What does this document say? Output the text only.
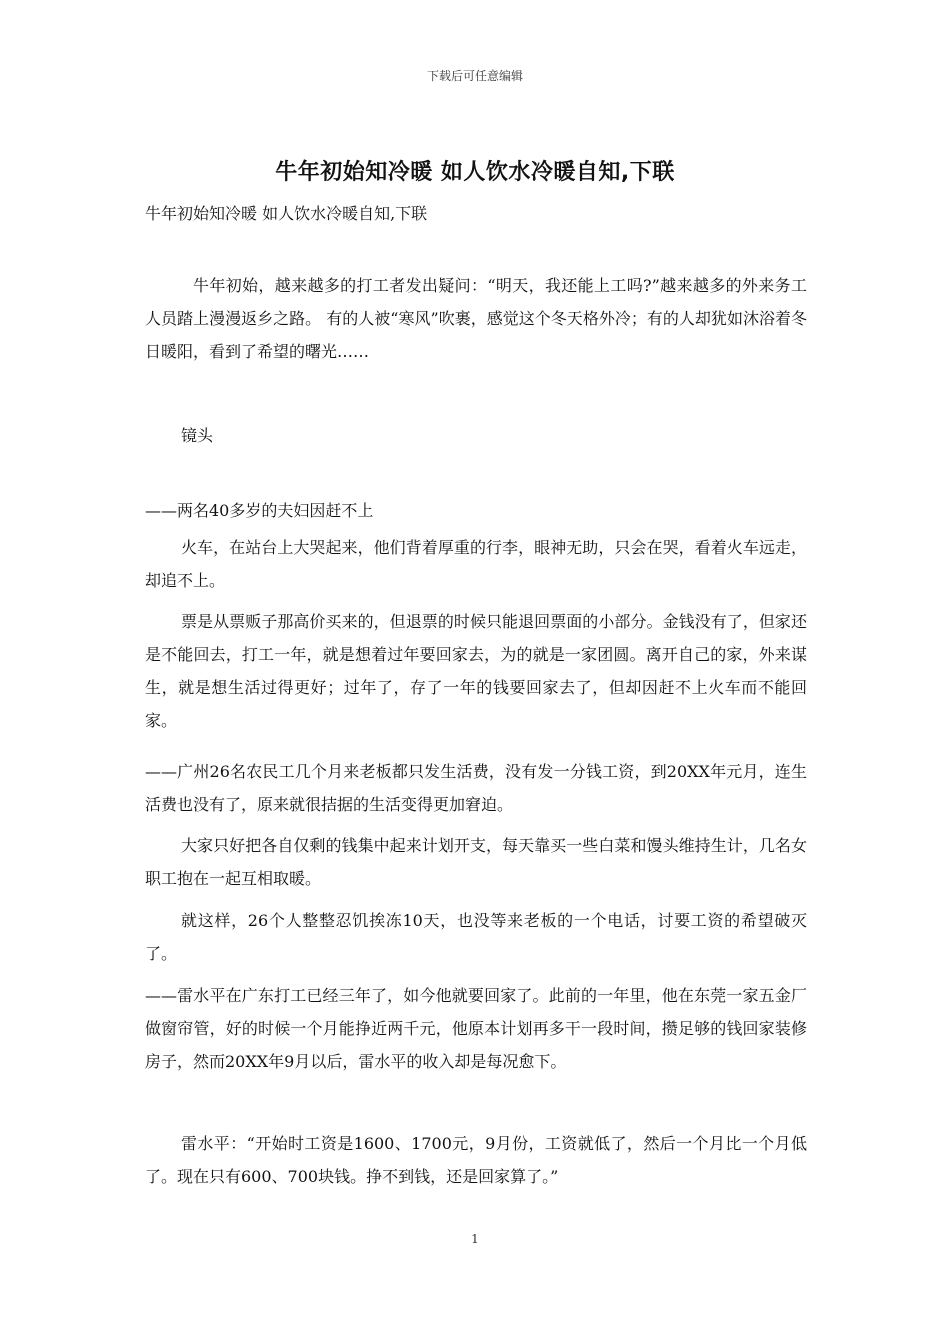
下载后可任意编辑
牛年初始知冷暖 如人饮水冷暖自知,下联
牛年初始知冷暖 如人饮水冷暖自知,下联

牛年初始，越来越多的打工者发出疑问：“明天，我还能上工吗?”越来越多的外来务工人员踏上漫漫返乡之路。 有的人被“寒风”吹裹，感觉这个冬天格外冷；有的人却犹如沐浴着冬日暖阳，看到了希望的曙光……

镜头

——两名40多岁的夫妇因赶不上

火车，在站台上大哭起来，他们背着厚重的行李，眼神无助，只会在哭，看着火车远走，却追不上。

票是从票贩子那高价买来的，但退票的时候只能退回票面的小部分。金钱没有了，但家还是不能回去，打工一年，就是想着过年要回家去，为的就是一家团圆。离开自己的家，外来谋生，就是想生活过得更好；过年了，存了一年的钱要回家去了，但却因赶不上火车而不能回家。

——广州26名农民工几个月来老板都只发生活费，没有发一分钱工资，到20XX年元月，连生活费也没有了，原来就很拮据的生活变得更加窘迫。

大家只好把各自仅剩的钱集中起来计划开支，每天靠买一些白菜和馒头维持生计，几名女职工抱在一起互相取暖。

就这样，26个人整整忍饥挨冻10天，也没等来老板的一个电话，讨要工资的希望破灭了。

——雷水平在广东打工已经三年了，如今他就要回家了。此前的一年里，他在东莞一家五金厂做窗帘管，好的时候一个月能挣近两千元，他原本计划再多干一段时间，攒足够的钱回家装修房子，然而20XX年9月以后，雷水平的收入却是每况愈下。

雷水平：“开始时工资是1600、1700元，9月份，工资就低了，然后一个月比一个月低了。现在只有600、700块钱。挣不到钱，还是回家算了。”

1
